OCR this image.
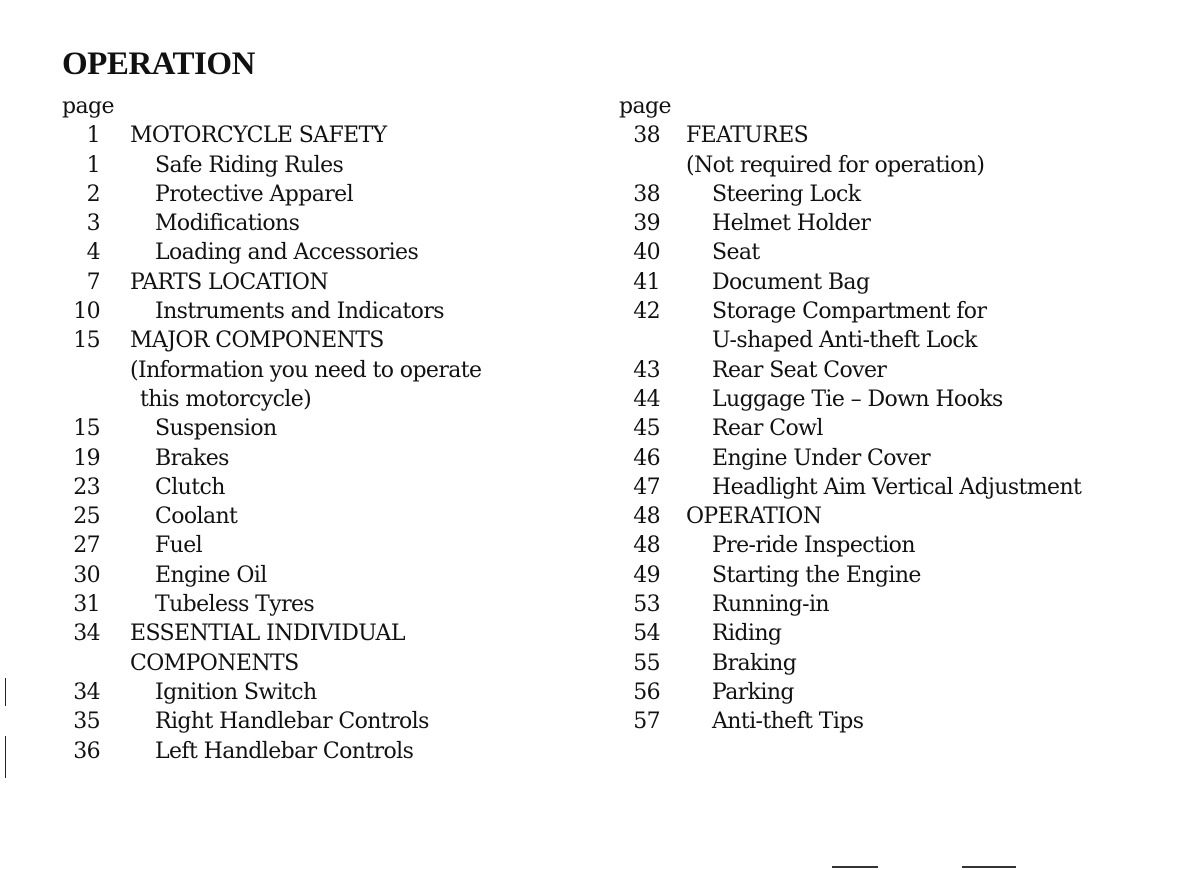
OPERATION
page
1 MOTORCYCLE SAFETY
1	Safe Riding Rules
2	Protective Apparel
3	Modifications
4	Loading and Accessories
7 PARTS LOCATION
10	Instruments and Indicators
15 MAJOR COMPONENTS
(Information you need to operate
this motorcycle)
15	Suspension
19	Brakes
23	Clutch
25	Coolant
27	Fuel
30	Engine Oil
31	Tubeless Tyres
34 ESSENTIAL INDIVIDUAL
COMPONENTS
34	Ignition Switch
35	Right Handlebar Controls
36	Left Handlebar Controls
page
38 FEATURES
(Not required for operation)
38 Steering Lock
39 Helmet Holder
40 Seat
41 Document Bag
42 Storage Compartment for
U-shaped Anti-theft Lock
43 Rear Seat Cover
44 Luggage Tie – Down Hooks
45 Rear Cowl
46 Engine Under Cover
47 Headlight Aim Vertical Adjustment
48 OPERATION
48 Pre-ride Inspection
49 Starting the Engine
53 Running-in
54 Riding
55 Braking
56 Parking
57 Anti-theft Tips
